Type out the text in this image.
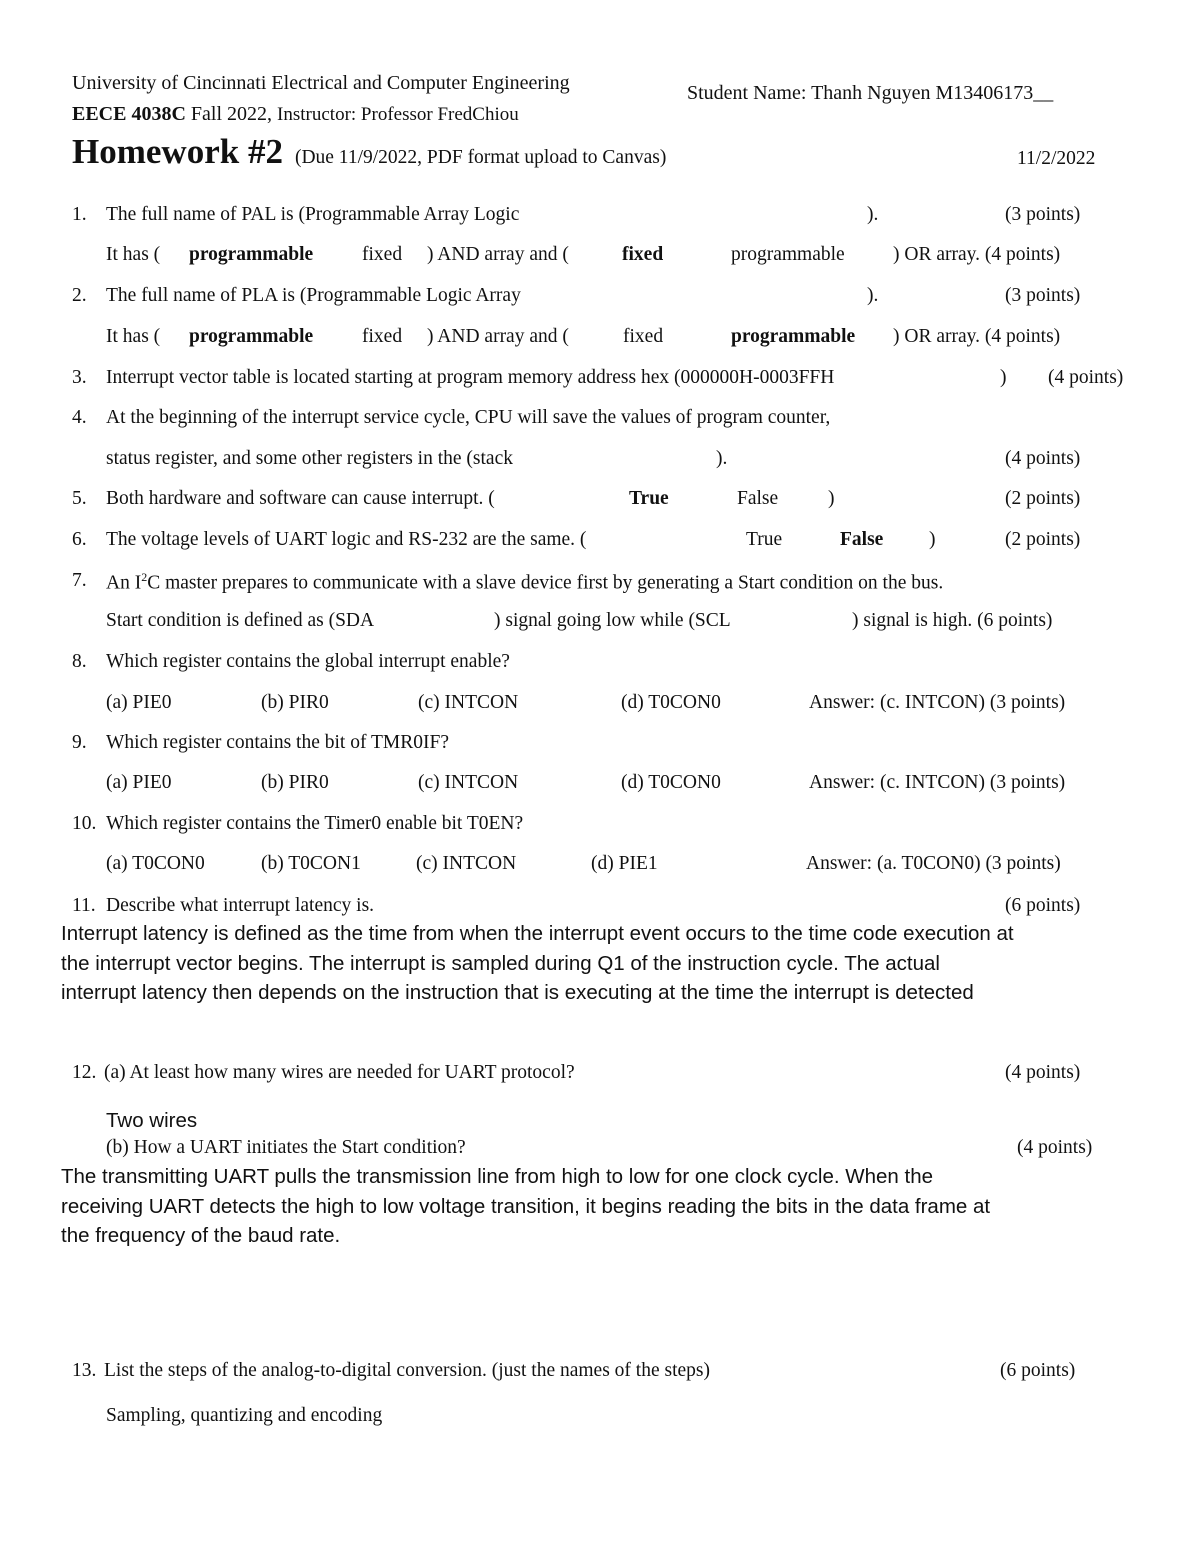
University of Cincinnati Electrical and Computer Engineering
EECE 4038C Fall 2022, Instructor: Professor FredChiou
Student Name: Thanh Nguyen M13406173__
Homework #2 (Due 11/9/2022, PDF format upload to Canvas)	11/2/2022
1. The full name of PAL is (Programmable Array Logic	).	(3 points)
It has ( programmable	fixed ) AND array and (	fixed	programmable ) OR array. (4 points)
2. The full name of PLA is (Programmable Logic Array	).	(3 points)
It has ( programmable	fixed ) AND array and (	fixed	programmable ) OR array. (4 points)
3. Interrupt vector table is located starting at program memory address hex (000000H-0003FFH	) (4 points)
4. At the beginning of the interrupt service cycle, CPU will save the values of program counter,
status register, and some other registers in the (stack	).	(4 points)
5. Both hardware and software can cause interrupt. (	True	False	)	(2 points)
6. The voltage levels of UART logic and RS-232 are the same. (	True	False )	(2 points)
7. An $I^2C$ master prepares to communicate with a slave device first by generating a Start condition on the bus.
Start condition is defined as (SDA	) signal going low while (SCL	) signal is high. (6 points)
8. Which register contains the global interrupt enable?
(a) PIE0	(b) PIR0	(c) INTCON	(d) T0CON0	Answer: (c. INTCON) (3 points)
9. Which register contains the bit of TMR0IF?
(a) PIE0	(b) PIR0	(c) INTCON	(d) T0CON0	Answer: (c. INTCON) (3 points)
10. Which register contains the Timer0 enable bit T0EN?
(a) T0CON0	(b) T0CON1	(c) INTCON	(d) PIE1	Answer: (a. T0CON0) (3 points)
11. Describe what interrupt latency is.	(6 points)
Interrupt latency is defined as the time from when the interrupt event occurs to the time code execution at
the interrupt vector begins. The interrupt is sampled during Q1 of the instruction cycle. The actual
interrupt latency then depends on the instruction that is executing at the time the interrupt is detected
12. (a) At least how many wires are needed for UART protocol?	(4 points)
Two wires
(b) How a UART initiates the Start condition?	(4 points)
The transmitting UART pulls the transmission line from high to low for one clock cycle. When the
receiving UART detects the high to low voltage transition, it begins reading the bits in the data frame at
the frequency of the baud rate.
13. List the steps of the analog-to-digital conversion. (just the names of the steps)	(6 points)
Sampling, quantizing and encoding
